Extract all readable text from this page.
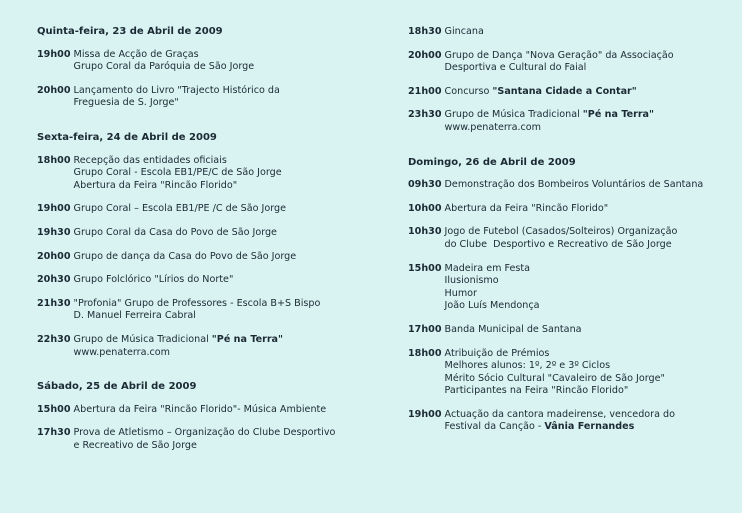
Quinta-feira, 23 de Abril de 2009
19h00 Missa de Acção de Graças
Grupo Coral da Paróquia de São Jorge
20h00 Lançamento do Livro "Trajecto Histórico da
Freguesia de S. Jorge"
Sexta-feira, 24 de Abril de 2009
18h00 Recepção das entidades oficiais
Grupo Coral - Escola EB1/PE/C de São Jorge
Abertura da Feira "Rincão Florido"
19h00 Grupo Coral – Escola EB1/PE /C de São Jorge
19h30 Grupo Coral da Casa do Povo de São Jorge
20h00 Grupo de dança da Casa do Povo de São Jorge
20h30 Grupo Folclórico "Lírios do Norte"
21h30 "Profonia" Grupo de Professores - Escola B+S Bispo
D. Manuel Ferreira Cabral
22h30 Grupo de Música Tradicional "Pé na Terra"
www.penaterra.com
Sábado, 25 de Abril de 2009
15h00 Abertura da Feira "Rincão Florido"- Música Ambiente
17h30 Prova de Atletismo – Organização do Clube Desportivo
e Recreativo de São Jorge
18h30 Gincana
20h00 Grupo de Dança "Nova Geração" da Associação
Desportiva e Cultural do Faial
21h00 Concurso "Santana Cidade a Contar"
23h30 Grupo de Música Tradicional "Pé na Terra"
www.penaterra.com
Domingo, 26 de Abril de 2009
09h30 Demonstração dos Bombeiros Voluntários de Santana
10h00 Abertura da Feira "Rincão Florido"
10h30 Jogo de Futebol (Casados/Solteiros) Organização
do Clube  Desportivo e Recreativo de São Jorge
15h00 Madeira em Festa
Ilusionismo
Humor
João Luís Mendonça
17h00 Banda Municipal de Santana
18h00 Atribuição de Prémios
Melhores alunos: 1º, 2º e 3º Ciclos
Mérito Sócio Cultural "Cavaleiro de São Jorge"
Participantes na Feira "Rincão Florido"
19h00 Actuação da cantora madeirense, vencedora do
Festival da Canção - Vânia Fernandes
